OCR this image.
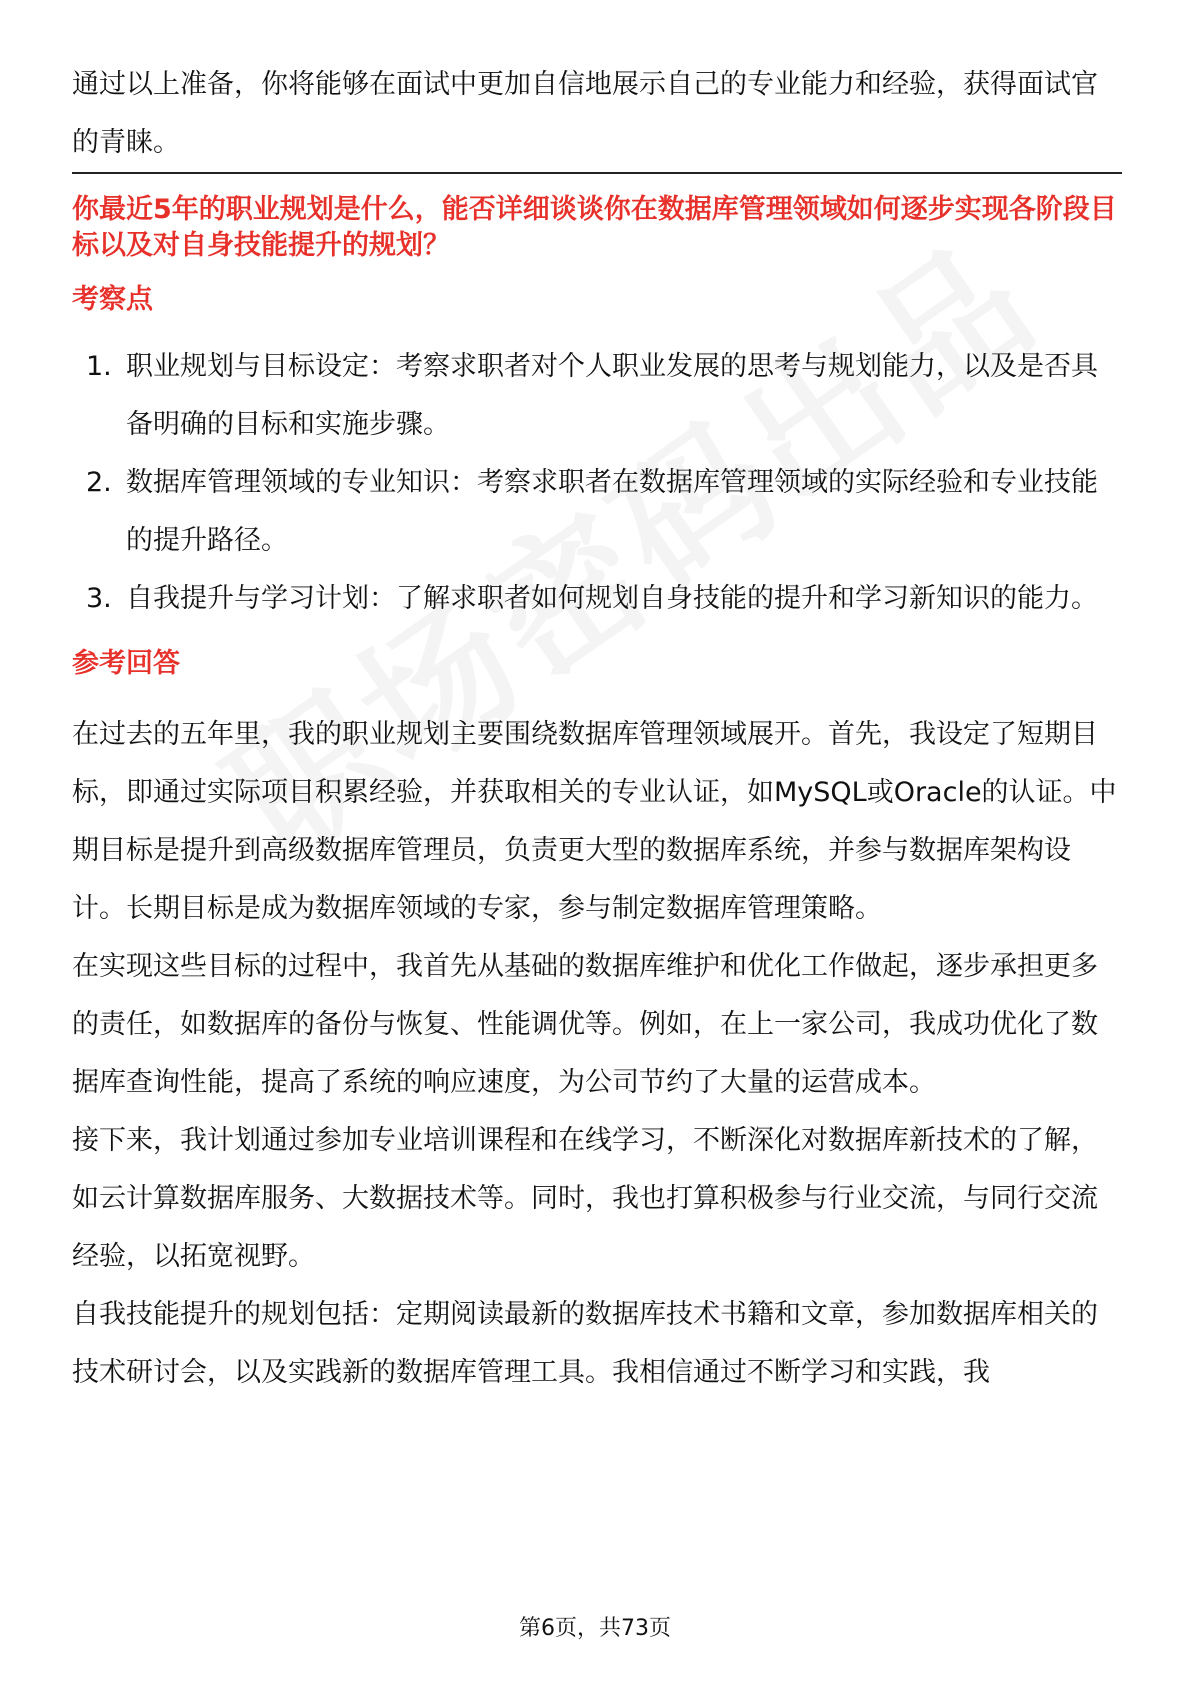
通过以上准备，你将能够在面试中更加自信地展示自己的专业能力和经验，获得面试官的青睐。

你最近5年的职业规划是什么，能否详细谈谈你在数据库管理领域如何逐步实现各阶段目标以及对自身技能提升的规划？

考察点

1. 职业规划与目标设定：考察求职者对个人职业发展的思考与规划能力，以及是否具备明确的目标和实施步骤。
2. 数据库管理领域的专业知识：考察求职者在数据库管理领域的实际经验和专业技能的提升路径。
3. 自我提升与学习计划：了解求职者如何规划自身技能的提升和学习新知识的能力。

参考回答

在过去的五年里，我的职业规划主要围绕数据库管理领域展开。首先，我设定了短期目标，即通过实际项目积累经验，并获取相关的专业认证，如MySQL或Oracle的认证。中期目标是提升到高级数据库管理员，负责更大型的数据库系统，并参与数据库架构设计。长期目标是成为数据库领域的专家，参与制定数据库管理策略。

在实现这些目标的过程中，我首先从基础的数据库维护和优化工作做起，逐步承担更多的责任，如数据库的备份与恢复、性能调优等。例如，在上一家公司，我成功优化了数据库查询性能，提高了系统的响应速度，为公司节约了大量的运营成本。

接下来，我计划通过参加专业培训课程和在线学习，不断深化对数据库新技术的了解，如云计算数据库服务、大数据技术等。同时，我也打算积极参与行业交流，与同行交流经验，以拓宽视野。

自我技能提升的规划包括：定期阅读最新的数据库技术书籍和文章，参加数据库相关的技术研讨会，以及实践新的数据库管理工具。我相信通过不断学习和实践，我

第6页，共73页
